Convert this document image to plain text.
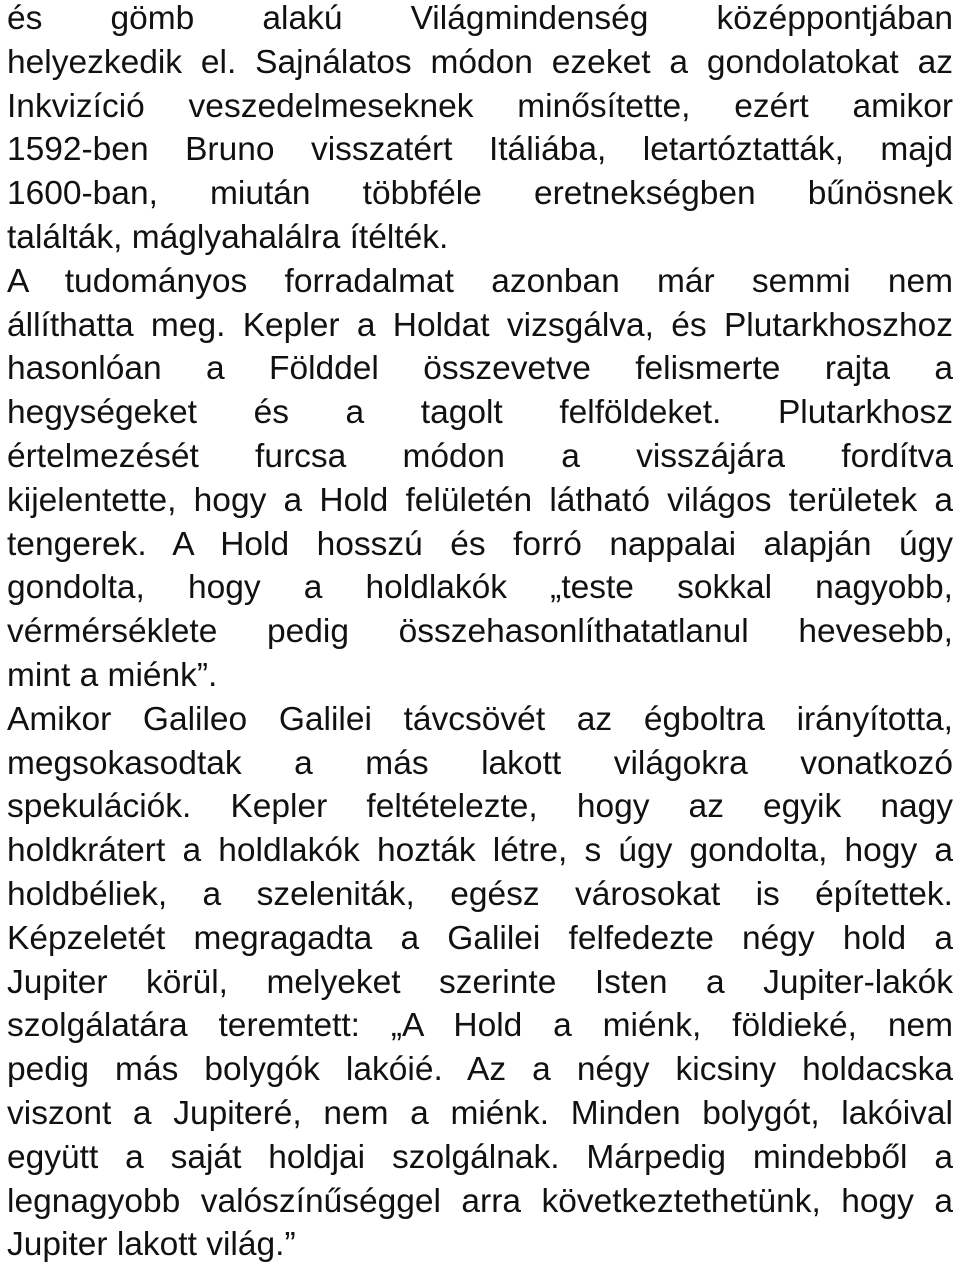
és gömb alakú Világmindenség középpontjában
helyezkedik el. Sajnálatos módon ezeket a gondolatokat az
Inkvizíció veszedelmeseknek minősítette, ezért amikor
1592-ben Bruno visszatért Itáliába, letartóztatták, majd
1600-ban, miután többféle eretnekségben bűnösnek
találták, máglyahalálra ítélték.

A tudományos forradalmat azonban már semmi nem
állíthatta meg. Kepler a Holdat vizsgálva, és Plutarkhoszhoz
hasonlóan a Földdel összevetve felismerte rajta a
hegységeket és a tagolt felföldeket. Plutarkhosz
értelmezését furcsa módon a visszájára fordítva
kijelentette, hogy a Hold felületén látható világos területek a
tengerek. A Hold hosszú és forró nappalai alapján úgy
gondolta, hogy a holdlakók „teste sokkal nagyobb,
vérmérséklete pedig összehasonlíthatatlanul hevesebb,
mint a miénk”.

Amikor Galileo Galilei távcsövét az égboltra irányította,
megsokasodtak a más lakott világokra vonatkozó
spekulációk. Kepler feltételezte, hogy az egyik nagy
holdkrátert a holdlakók hozták létre, s úgy gondolta, hogy a
holdbéliek, a szeleniták, egész városokat is építettek.
Képzeletét megragadta a Galilei felfedezte négy hold a
Jupiter körül, melyeket szerinte Isten a Jupiter-lakók
szolgálatára teremtett: „A Hold a miénk, földieké, nem
pedig más bolygók lakóié. Az a négy kicsiny holdacska
viszont a Jupiteré, nem a miénk. Minden bolygót, lakóival
együtt a saját holdjai szolgálnak. Márpedig mindebből a
legnagyobb valószínűséggel arra következtethetünk, hogy a
Jupiter lakott világ.”
